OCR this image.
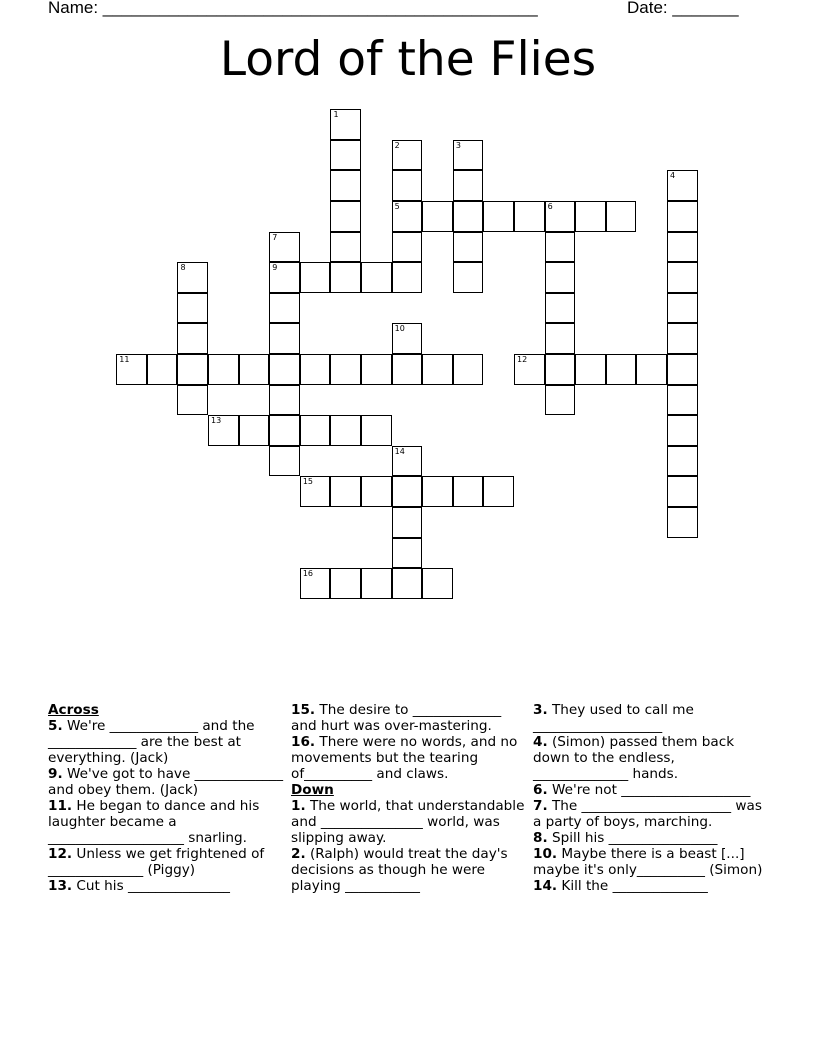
Name: ______________________________________________	Date: _______
Lord of the Flies
1
2
5
3
4
6
7
9
8
10
11	12
13
14
15
16

Across

5. We're _____________ and the _____________ are the best at everything. (Jack)

9. We've got to have _____________ and obey them. (Jack)

11. He began to dance and his laughter became a ____________________ snarling.

12. Unless we get frightened of ______________ (Piggy)

13. Cut his _______________

15. The desire to _____________ and hurt was over-mastering.

16. There were no words, and no movements but the tearing of__________ and claws.

Down

1. The world, that understandable and _______________ world, was slipping away.

2. (Ralph) would treat the day's decisions as though he were playing ___________

3. They used to call me ___________________

4. (Simon) passed them back down to the endless, ______________ hands.

6. We're not ___________________

7. The ______________________ was a party of boys, marching.

8. Spill his ________________

10. Maybe there is a beast [...] maybe it's only__________ (Simon)

14. Kill the ______________
